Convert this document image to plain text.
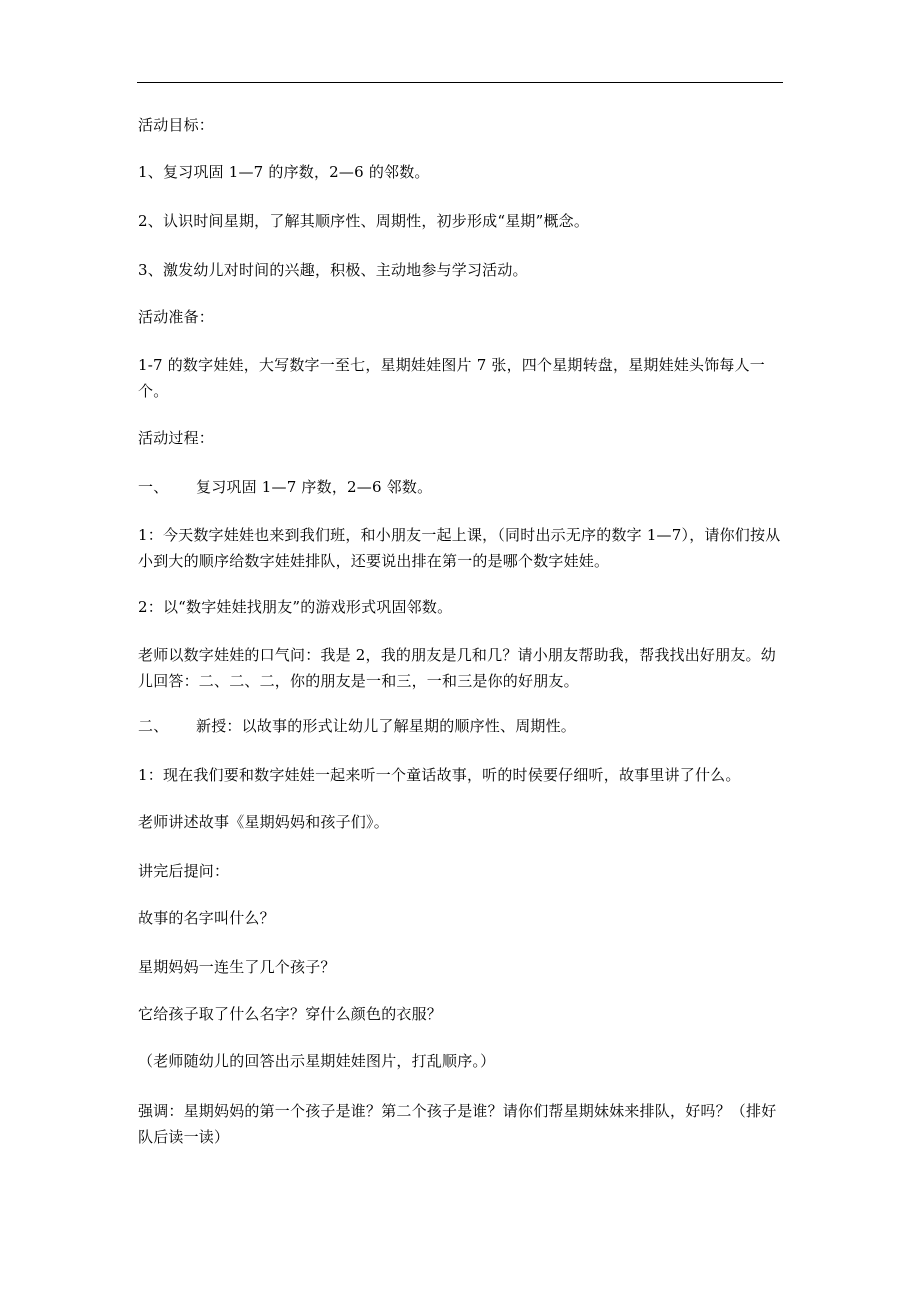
活动目标：
1、复习巩固 1—7 的序数，2—6 的邻数。
2、认识时间星期，了解其顺序性、周期性，初步形成“星期”概念。
3、激发幼儿对时间的兴趣，积极、主动地参与学习活动。
活动准备：
1-7 的数字娃娃，大写数字一至七，星期娃娃图片 7 张，四个星期转盘，星期娃娃头饰每人一个。
活动过程：
一、 复习巩固 1—7 序数，2—6 邻数。
1：今天数字娃娃也来到我们班，和小朋友一起上课，（同时出示无序的数字 1—7），请你们按从小到大的顺序给数字娃娃排队，还要说出排在第一的是哪个数字娃娃。
2：以“数字娃娃找朋友”的游戏形式巩固邻数。
老师以数字娃娃的口气问：我是 2，我的朋友是几和几？请小朋友帮助我，帮我找出好朋友。幼儿回答：二、二、二，你的朋友是一和三，一和三是你的好朋友。
二、 新授：以故事的形式让幼儿了解星期的顺序性、周期性。
1：现在我们要和数字娃娃一起来听一个童话故事，听的时侯要仔细听，故事里讲了什么。
老师讲述故事《星期妈妈和孩子们》。
讲完后提问：
故事的名字叫什么？
星期妈妈一连生了几个孩子？
它给孩子取了什么名字？穿什么颜色的衣服？
（老师随幼儿的回答出示星期娃娃图片，打乱顺序。）
强调：星期妈妈的第一个孩子是谁？第二个孩子是谁？请你们帮星期妹妹来排队，好吗？（排好队后读一读）
